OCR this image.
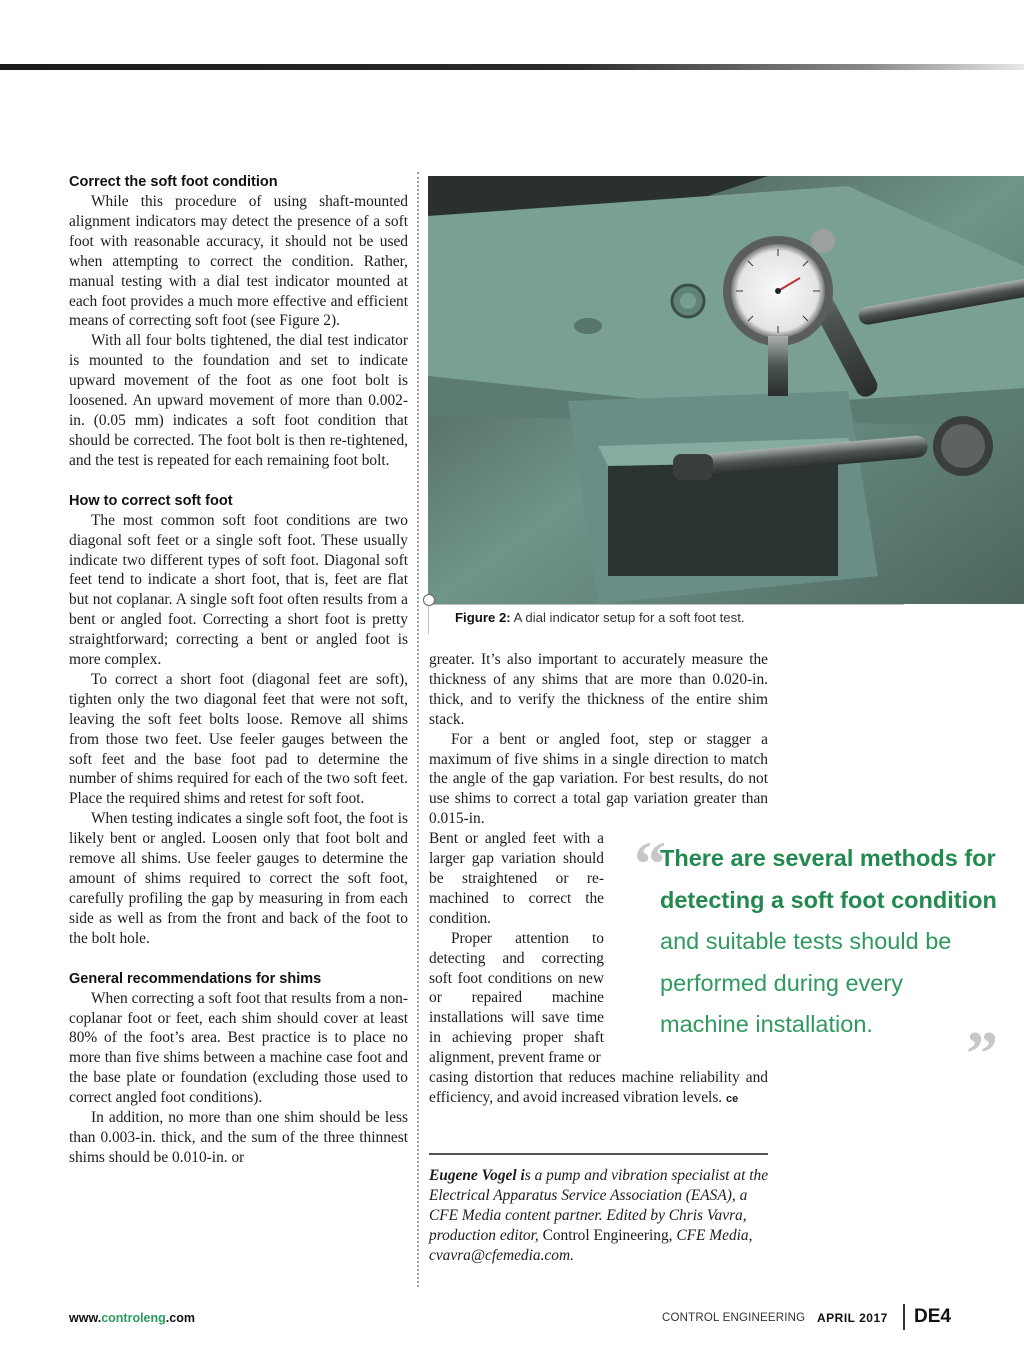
Correct the soft foot condition

While this procedure of using shaft-mounted alignment indicators may detect the presence of a soft foot with reasonable accuracy, it should not be used when attempting to correct the condition. Rather, manual testing with a dial test indicator mounted at each foot provides a much more effective and efficient means of correcting soft foot (see Figure 2).

With all four bolts tightened, the dial test indicator is mounted to the foundation and set to indicate upward movement of the foot as one foot bolt is loosened. An upward movement of more than 0.002-in. (0.05 mm) indicates a soft foot condition that should be corrected. The foot bolt is then re-tightened, and the test is repeated for each remaining foot bolt.

How to correct soft foot

The most common soft foot conditions are two diagonal soft feet or a single soft foot. These usually indicate two different types of soft foot. Diagonal soft feet tend to indicate a short foot, that is, feet are flat but not coplanar. A single soft foot often results from a bent or angled foot. Correcting a short foot is pretty straightforward; correcting a bent or angled foot is more complex.

To correct a short foot (diagonal feet are soft), tighten only the two diagonal feet that were not soft, leaving the soft feet bolts loose. Remove all shims from those two feet. Use feeler gauges between the soft feet and the base foot pad to determine the number of shims required for each of the two soft feet. Place the required shims and retest for soft foot.

When testing indicates a single soft foot, the foot is likely bent or angled. Loosen only that foot bolt and remove all shims. Use feeler gauges to determine the amount of shims required to correct the soft foot, carefully profiling the gap by measuring in from each side as well as from the front and back of the foot to the bolt hole.

General recommendations for shims

When correcting a soft foot that results from a non-coplanar foot or feet, each shim should cover at least 80% of the foot’s area. Best practice is to place no more than five shims between a machine case foot and the base plate or foundation (excluding those used to correct angled foot conditions).

In addition, no more than one shim should be less than 0.003-in. thick, and the sum of the three thinnest shims should be 0.010-in. or

Figure 2: A dial indicator setup for a soft foot test.

greater. It’s also important to accurately measure the thickness of any shims that are more than 0.020-in. thick, and to verify the thickness of the entire shim stack.

For a bent or angled foot, step or stagger a maximum of five shims in a single direction to match the angle of the gap variation. For best results, do not use shims to correct a total gap variation greater than 0.015-in.

Bent or angled feet with a larger gap variation should be straightened or re-machined to correct the condition.

Proper attention to detecting and correcting soft foot conditions on new or repaired machine installations will save time in achieving proper shaft alignment, prevent frame or

casing distortion that reduces machine reliability and efficiency, and avoid increased vibration levels. ce

“
There are several methods for detecting a soft foot condition and suitable tests should be performed during every machine installation.	”
Eugene Vogel is a pump and vibration specialist at the Electrical Apparatus Service Association (EASA), a CFE Media content partner. Edited by Chris Vavra, production editor, Control Engineering, CFE Media, cvavra@cfemedia.com.
www.controleng.com	CONTROL ENGINEERING APRIL 2017 DE4
